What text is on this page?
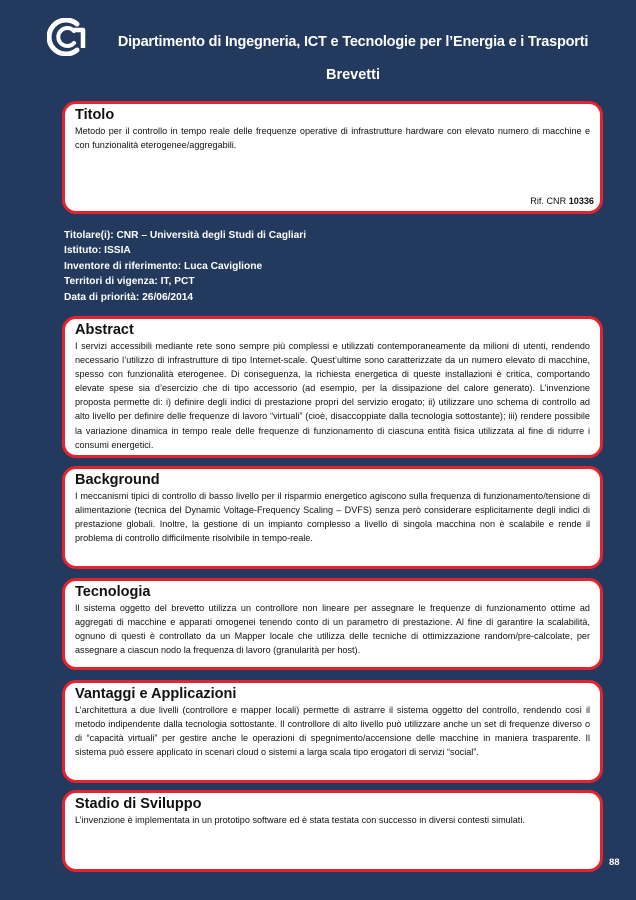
Dipartimento di Ingegneria, ICT e Tecnologie per l’Energia e i Trasporti
Brevetti
Titolo

Metodo per il controllo in tempo reale delle frequenze operative di infrastrutture hardware con elevato numero di macchine e con funzionalità eterogenee/aggregabili.

Rif. CNR 10336
Titolare(i): CNR – Università degli Studi di Cagliari
Istituto: ISSIA
Inventore di riferimento: Luca Caviglione
Territori di vigenza: IT, PCT
Data di priorità: 26/06/2014
Abstract

I servizi accessibili mediante rete sono sempre più complessi e utilizzati contemporaneamente da milioni di utenti, rendendo necessario l’utilizzo di infrastrutture di tipo Internet-scale. Quest’ultime sono caratterizzate da un numero elevato di macchine, spesso con funzionalità eterogenee. Di conseguenza, la richiesta energetica di queste installazioni è critica, comportando elevate spese sia d’esercizio che di tipo accessorio (ad esempio, per la dissipazione del calore generato). L’invenzione proposta permette di: i) definire degli indici di prestazione propri del servizio erogato; ii) utilizzare uno schema di controllo ad alto livello per definire delle frequenze di lavoro “virtuali” (cioè, disaccoppiate dalla tecnologia sottostante); iii) rendere possibile la variazione dinamica in tempo reale delle frequenze di funzionamento di ciascuna entità fisica utilizzata al fine di ridurre i consumi energetici.

Background

I meccanismi tipici di controllo di basso livello per il risparmio energetico agiscono sulla frequenza di funzionamento/tensione di alimentazione (tecnica del Dynamic Voltage-Frequency Scaling – DVFS) senza però considerare esplicitamente degli indici di prestazione globali. Inoltre, la gestione di un impianto complesso a livello di singola macchina non è scalabile e rende il problema di controllo difficilmente risolvibile in tempo-reale.

Tecnologia

Il sistema oggetto del brevetto utilizza un controllore non lineare per assegnare le frequenze di funzionamento ottime ad aggregati di macchine e apparati omogenei tenendo conto di un parametro di prestazione. Al fine di garantire la scalabilità, ognuno di questi è controllato da un Mapper locale che utilizza delle tecniche di ottimizzazione random/pre-calcolate, per assegnare a ciascun nodo la frequenza di lavoro (granularità per host).

Vantaggi e Applicazioni

L’architettura a due livelli (controllore e mapper locali) permette di astrarre il sistema oggetto del controllo, rendendo così il metodo indipendente dalla tecnologia sottostante. Il controllore di alto livello può utilizzare anche un set di frequenze diverso o di “capacità virtuali” per gestire anche le operazioni di spegnimento/accensione delle macchine in maniera trasparente. Il sistema può essere applicato in scenari cloud o sistemi a larga scala tipo erogatori di servizi “social”.

Stadio di Sviluppo

L’invenzione è implementata in un prototipo software ed è stata testata con successo in diversi contesti simulati.

88
